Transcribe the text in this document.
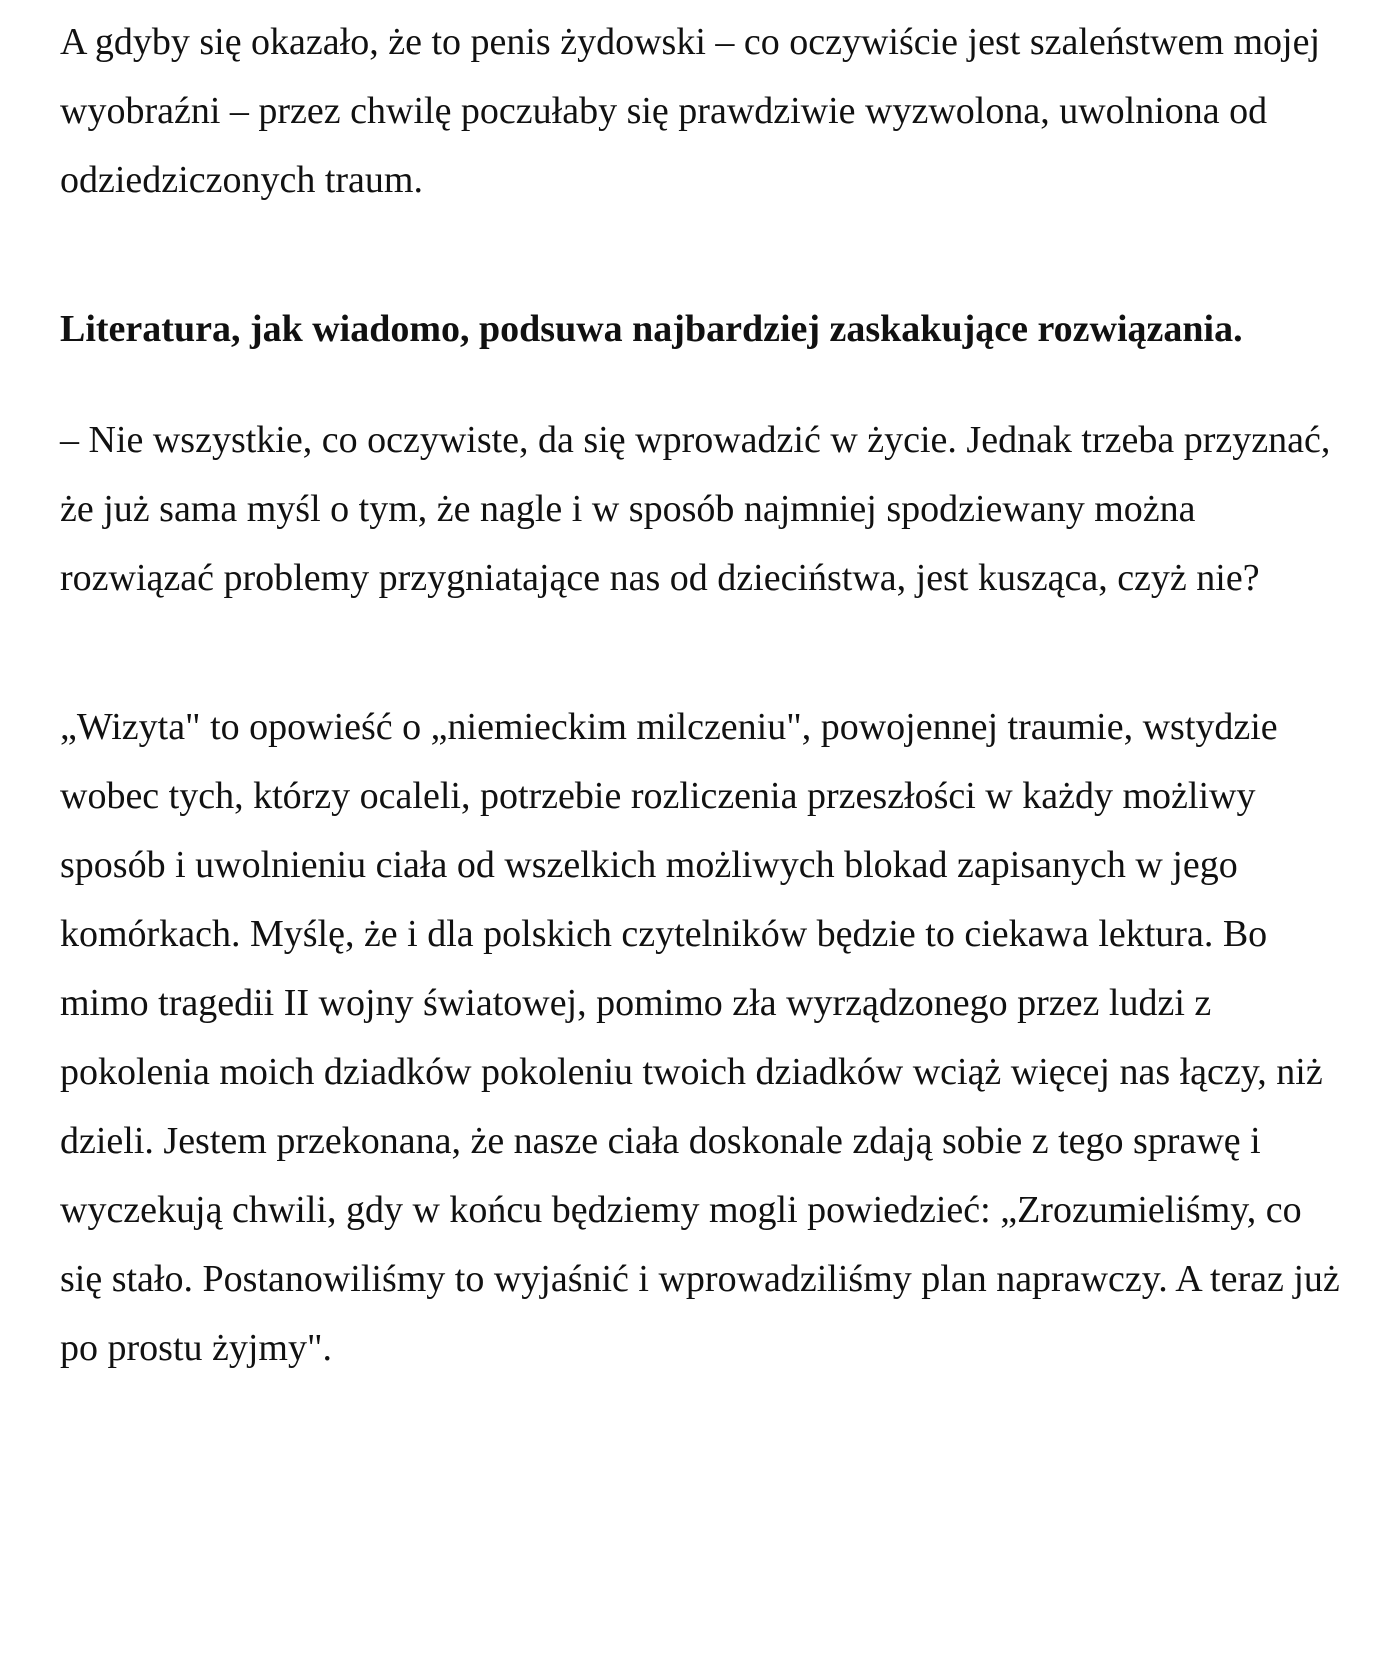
A gdyby się okazało, że to penis żydowski – co oczywiście jest szaleństwem mojej wyobraźni – przez chwilę poczułaby się prawdziwie wyzwolona, uwolniona od odziedziczonych traum.

Literatura, jak wiadomo, podsuwa najbardziej zaskakujące rozwiązania.

– Nie wszystkie, co oczywiste, da się wprowadzić w życie. Jednak trzeba przyznać, że już sama myśl o tym, że nagle i w sposób najmniej spodziewany można rozwiązać problemy przygniatające nas od dzieciństwa, jest kusząca, czyż nie?

„Wizyta" to opowieść o „niemieckim milczeniu", powojennej traumie, wstydzie wobec tych, którzy ocaleli, potrzebie rozliczenia przeszłości w każdy możliwy sposób i uwolnieniu ciała od wszelkich możliwych blokad zapisanych w jego komórkach. Myślę, że i dla polskich czytelników będzie to ciekawa lektura. Bo mimo tragedii II wojny światowej, pomimo zła wyrządzonego przez ludzi z pokolenia moich dziadków pokoleniu twoich dziadków wciąż więcej nas łączy, niż dzieli. Jestem przekonana, że nasze ciała doskonale zdają sobie z tego sprawę i wyczekują chwili, gdy w końcu będziemy mogli powiedzieć: „Zrozumieliśmy, co się stało. Postanowiliśmy to wyjaśnić i wprowadziliśmy plan naprawczy. A teraz już po prostu żyjmy".
